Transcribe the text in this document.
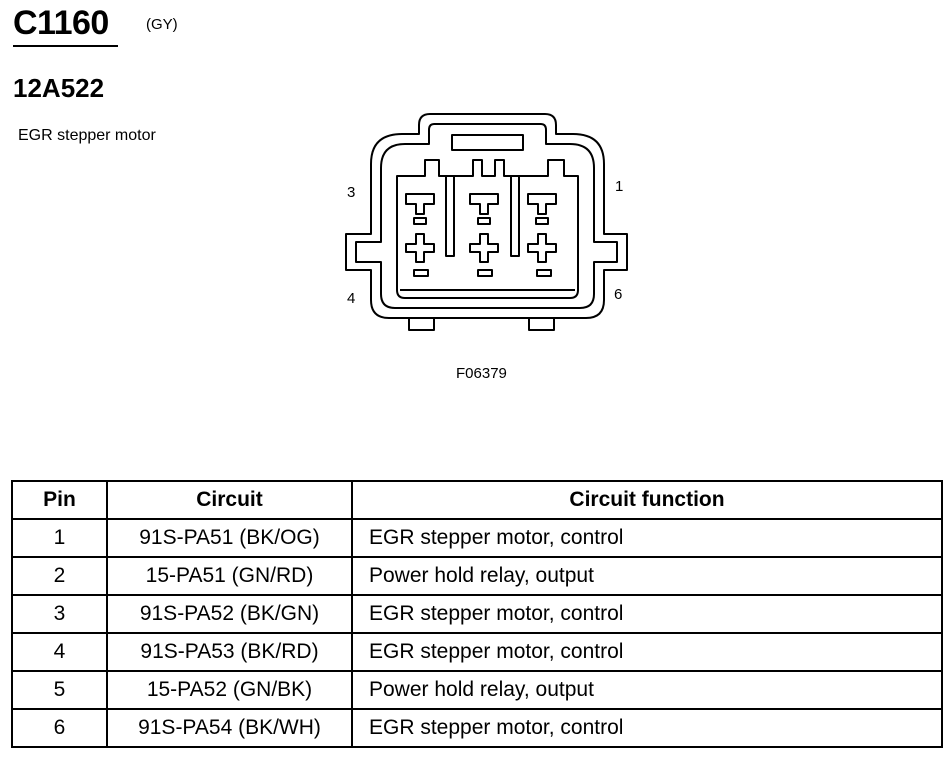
C1160 (GY)
12A522
EGR stepper motor
3	1
4	6
F06379
Pin	Circuit	Circuit function
1	91S-PA51 (BK/OG)	EGR stepper motor, control
2	15-PA51 (GN/RD)	Power hold relay, output
3	91S-PA52 (BK/GN)	EGR stepper motor, control
4	91S-PA53 (BK/RD)	EGR stepper motor, control
5	15-PA52 (GN/BK)	Power hold relay, output
6	91S-PA54 (BK/WH)	EGR stepper motor, control
